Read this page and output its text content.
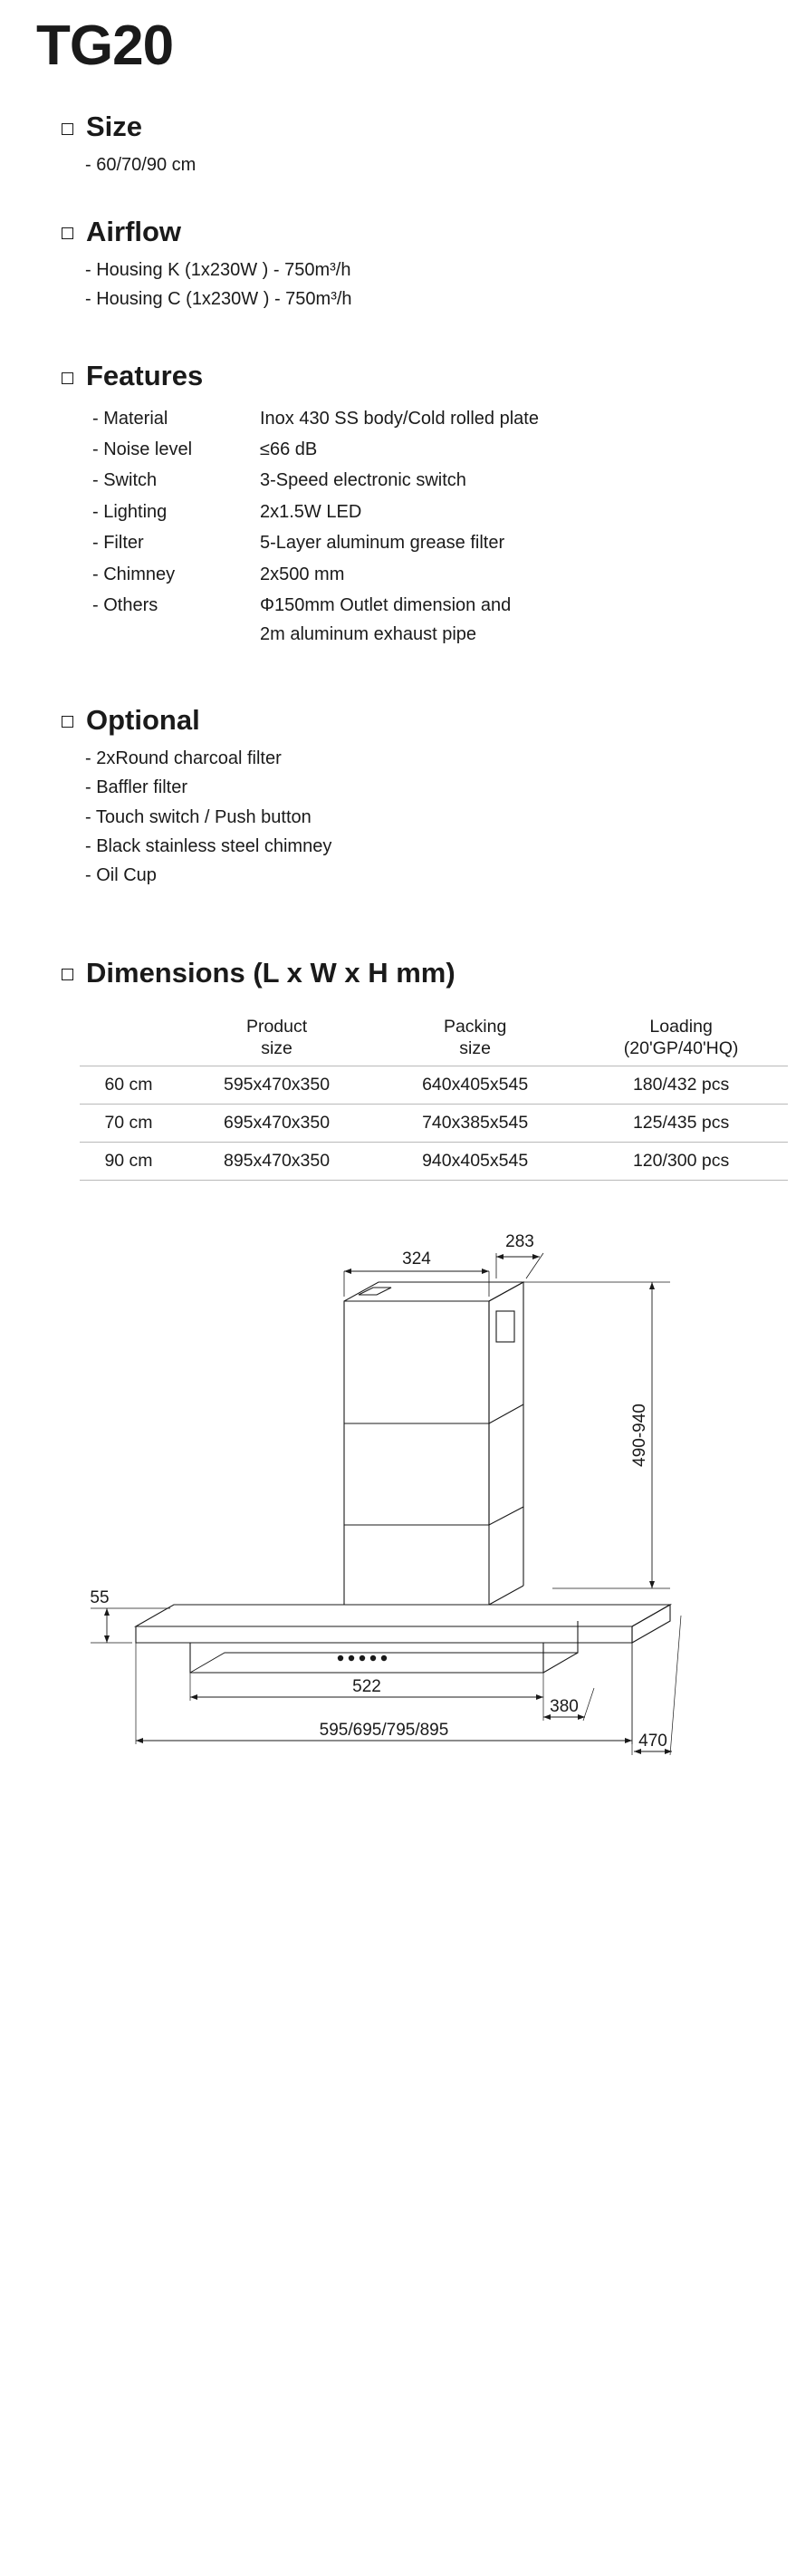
TG20
Size
- 60/70/90 cm
Airflow
- Housing K (1x230W ) - 750m³/h
- Housing C (1x230W ) - 750m³/h
Features
- Material	Inox 430 SS body/Cold rolled plate
- Noise level	≤66 dB
- Switch	3-Speed electronic switch
- Lighting	2x1.5W LED
- Filter	5-Layer aluminum grease filter
- Chimney	2x500 mm
- Others	Φ150mm Outlet dimension and
2m aluminum exhaust pipe
Optional
- 2xRound charcoal filter
- Baffler filter
- Touch switch / Push button
- Black stainless steel chimney
- Oil Cup
Dimensions (L x W x H mm)

Product
size

Packing
size

Loading
(20'GP/40'HQ)

60 cm	595x470x350	640x405x545	180/432 pcs
70 cm	695x470x350	740x385x545	125/435 pcs
90 cm	895x470x350	940x405x545	120/300 pcs
324
283
490-940
55
522
380
595/695/795/895
470
